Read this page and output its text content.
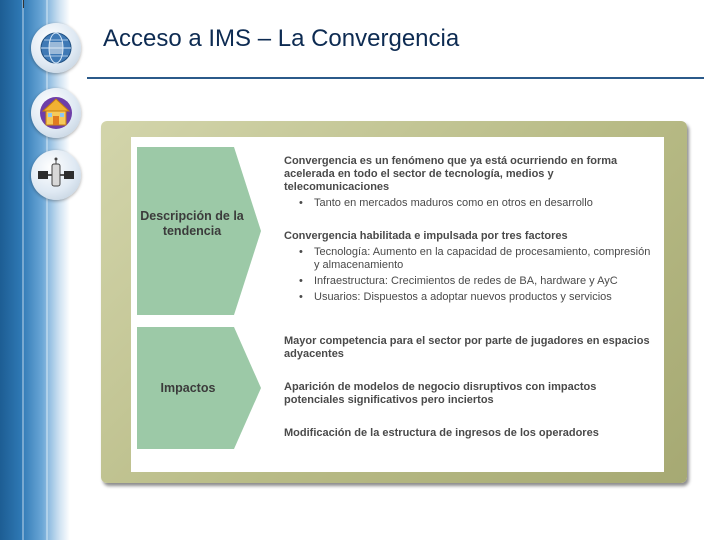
Acceso a IMS – La Convergencia
Descripción de la tendencia
Impactos
Convergencia es un fenómeno que ya está ocurriendo en forma acelerada en todo el sector de tecnología, medios y telecomunicaciones
• Tanto en mercados maduros como en otros en desarrollo
Convergencia habilitada e impulsada por tres factores
• Tecnología: Aumento en la capacidad de procesamiento, compresión y almacenamiento
• Infraestructura: Crecimientos de redes de BA, hardware y AyC
• Usuarios: Dispuestos a adoptar nuevos productos y servicios
Mayor competencia para el sector por parte de jugadores en espacios adyacentes
Aparición de modelos de negocio disruptivos con impactos potenciales significativos pero inciertos
Modificación de la estructura de ingresos de los operadores
